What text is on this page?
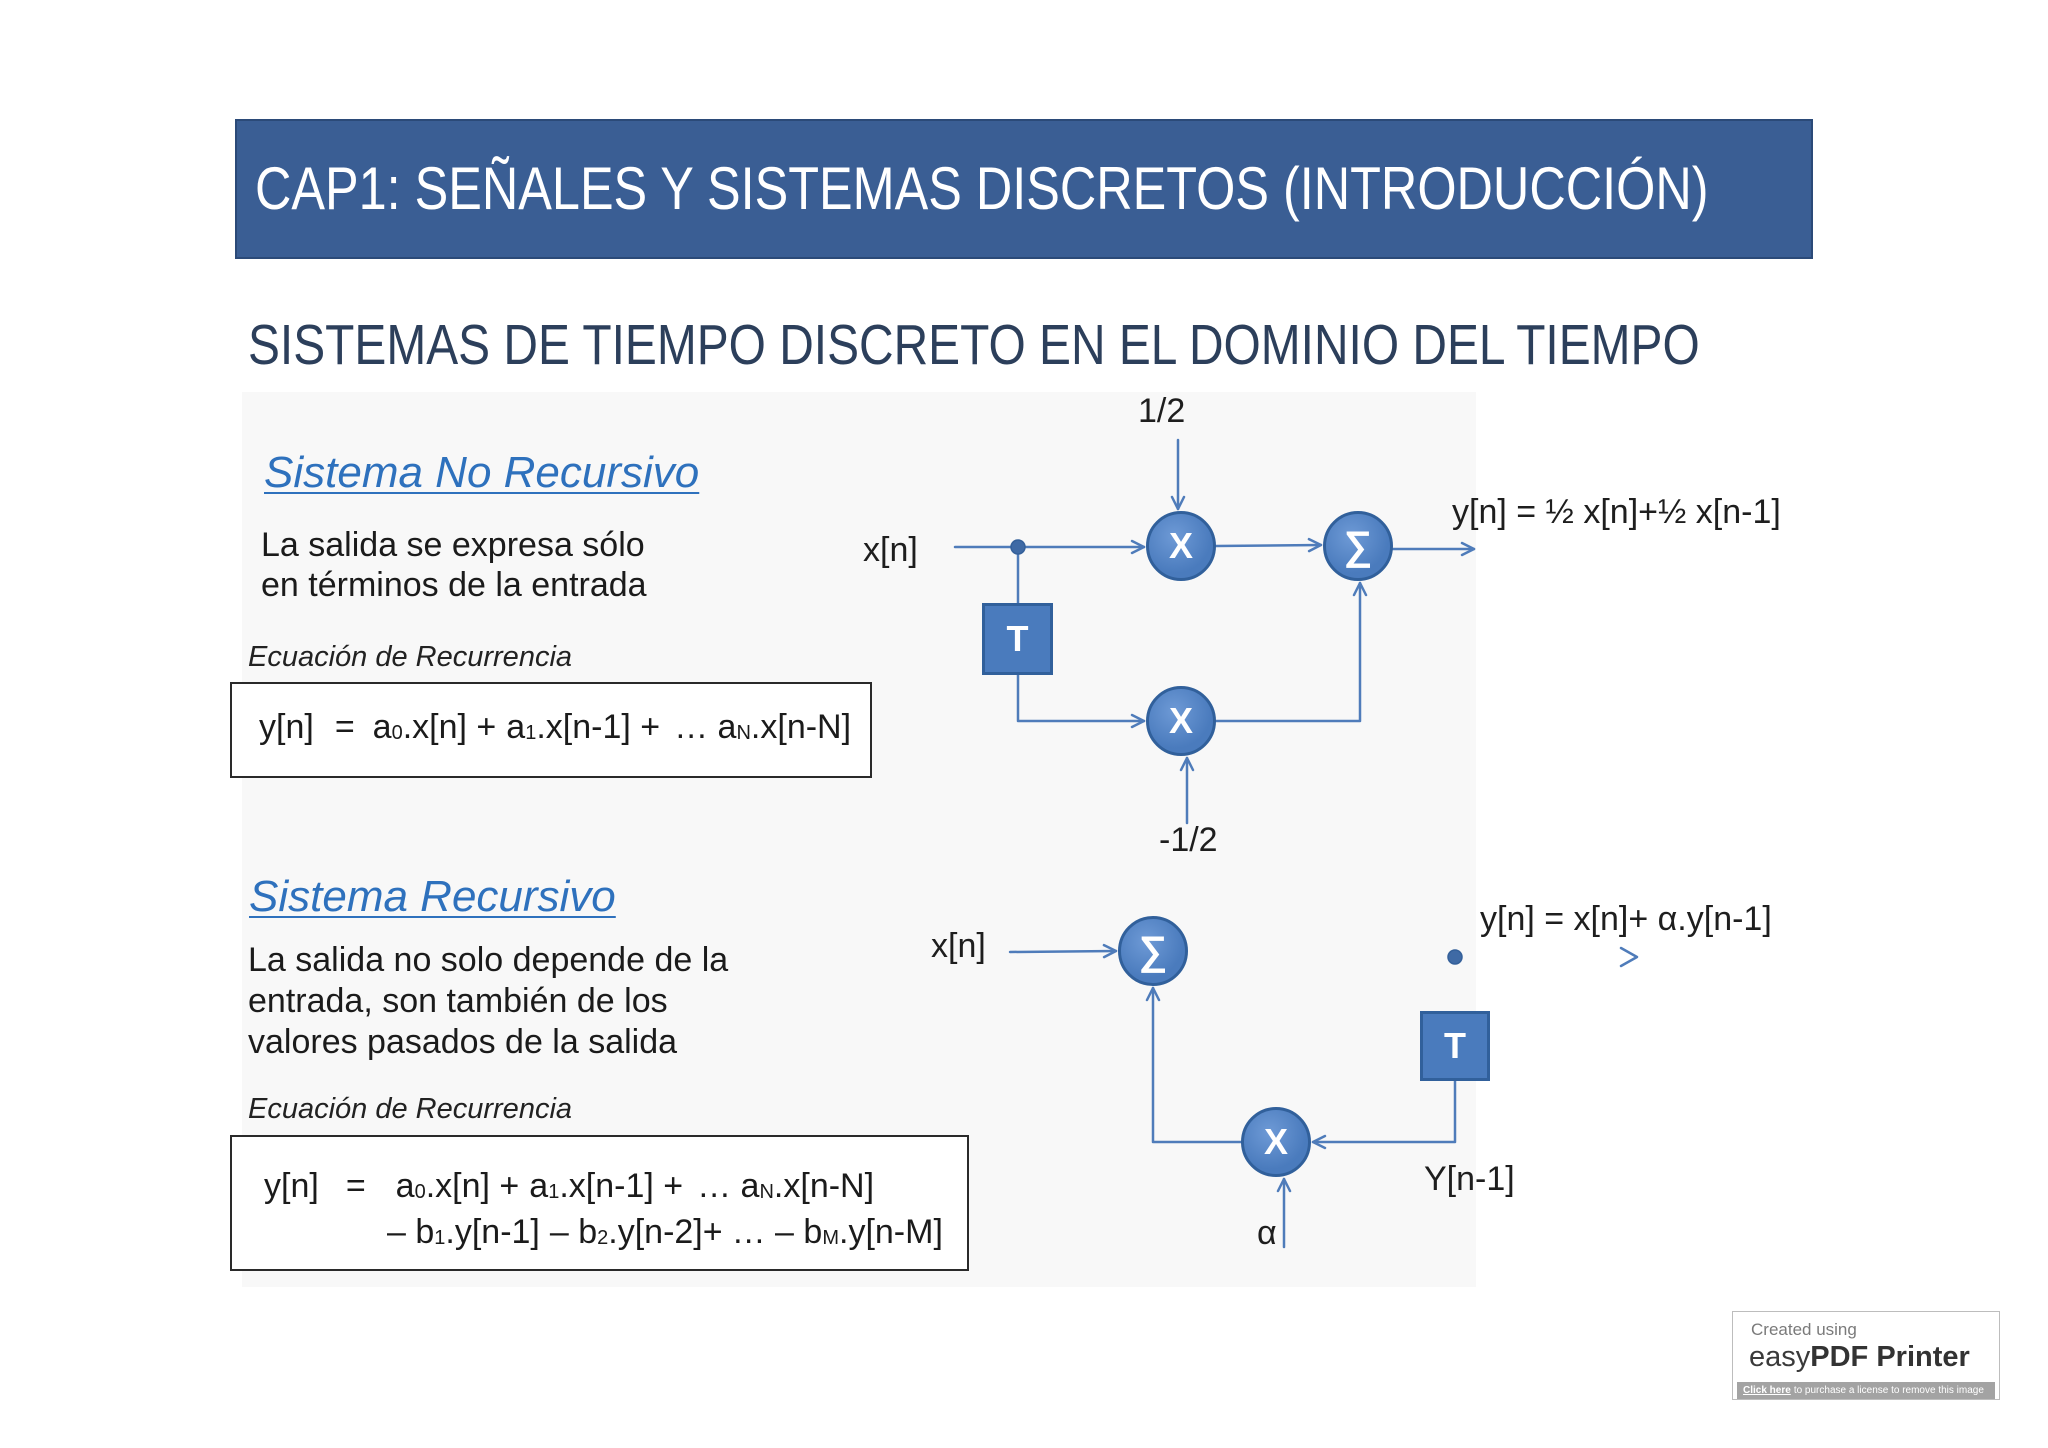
CAP1: SEÑALES Y SISTEMAS DISCRETOS (INTRODUCCIÓN)
SISTEMAS DE TIEMPO DISCRETO EN EL DOMINIO DEL TIEMPO
Sistema No Recursivo
La salida se expresa sólo
en términos de la entrada
Ecuación de Recurrencia
y[n] = a0.x[n] + a1.x[n-1] + … aN.x[n-N]
Sistema Recursivo
La salida no solo depende de la
entrada, son también de los
valores pasados de la salida
Ecuación de Recurrencia
y[n] = a0.x[n] + a1.x[n-1] + … aN.x[n-N]
– b1.y[n-1] – b2.y[n-2]+ … – bM.y[n-M]
x[n]
1/2
-1/2
y[n] = ½ x[n]+½ x[n-1]
X
X
∑
T
x[n]
y[n] = x[n]+ α.y[n-1]
Y[n-1]
α
∑
X
T
Created using
easyPDF Printer
Click here to purchase a license to remove this image
